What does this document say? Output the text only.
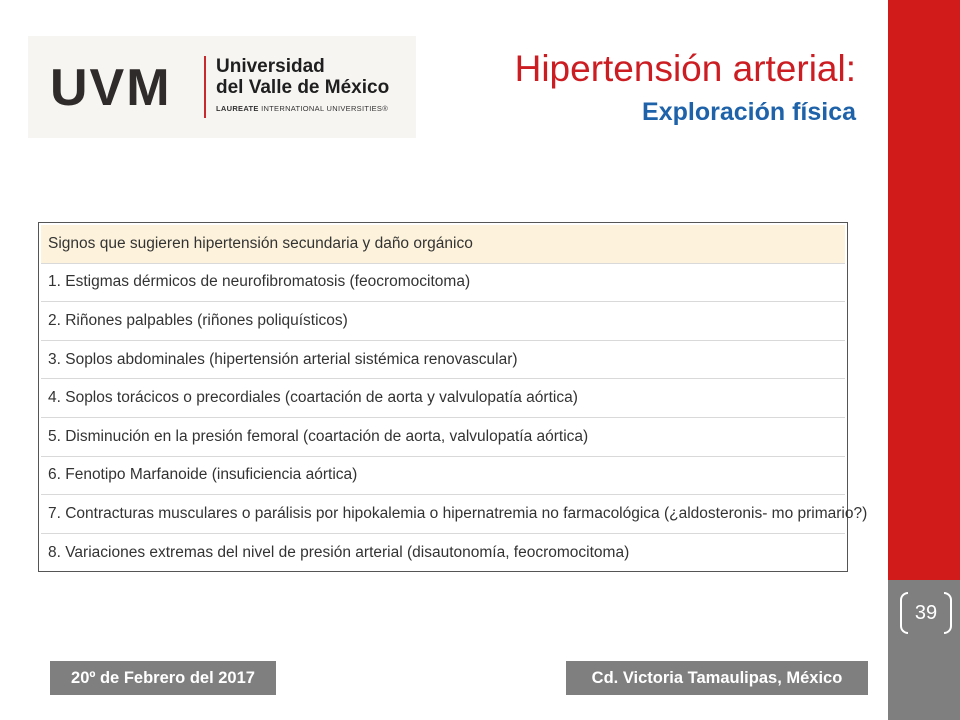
39
UVM Universidad
del Valle de México
LAUREATE INTERNATIONAL UNIVERSITIES®
Hipertensión arterial:
Exploración física
Signos que sugieren hipertensión secundaria y daño orgánico
1. Estigmas dérmicos de neurofibromatosis (feocromocitoma)
2. Riñones palpables (riñones poliquísticos)
3. Soplos abdominales (hipertensión arterial sistémica renovascular)
4. Soplos torácicos o precordiales (coartación de aorta y valvulopatía aórtica)
5. Disminución en la presión femoral (coartación de aorta, valvulopatía aórtica)
6. Fenotipo Marfanoide (insuficiencia aórtica)
7. Contracturas musculares o parálisis por hipokalemia o hipernatremia no farmacológica (¿aldosteronis- mo primario?)
8. Variaciones extremas del nivel de presión arterial (disautonomía, feocromocitoma)
20º de Febrero del 2017	Cd. Victoria Tamaulipas, México
